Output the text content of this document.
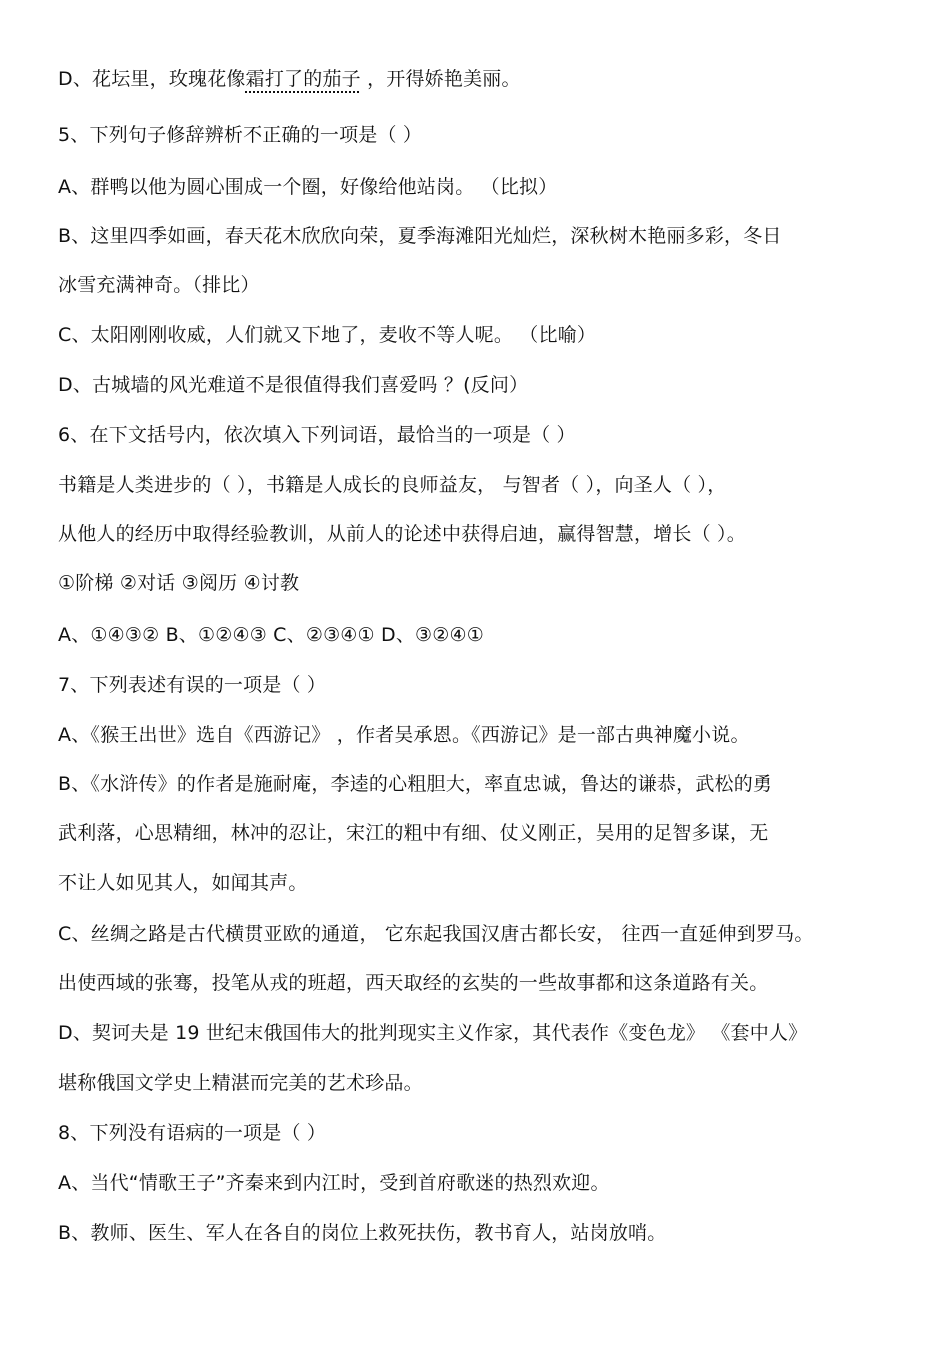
D、花坛里，玫瑰花像霜打了的茄子 ，开得娇艳美丽。
5、下列句子修辞辨析不正确的一项是（ ）
A、群鸭以他为圆心围成一个圈，好像给他站岗。 （比拟）
B、这里四季如画，春天花木欣欣向荣，夏季海滩阳光灿烂，深秋树木艳丽多彩，冬日
冰雪充满神奇。（排比）
C、太阳刚刚收威，人们就又下地了，麦收不等人呢。 （比喻）
D、古城墙的风光难道不是很值得我们喜爱吗 ？(反问）
6、在下文括号内，依次填入下列词语，最恰当的一项是（ ）
书籍是人类进步的（ ），书籍是人成长的良师益友， 与智者（ ），向圣人（ ），
从他人的经历中取得经验教训，从前人的论述中获得启迪，赢得智慧，增长（ ）。
①阶梯 ②对话 ③阅历 ④讨教
A、①④③② B、①②④③ C、②③④① D、③②④①
7、下列表述有误的一项是（ ）
A、《猴王出世》选自《西游记》 ，作者吴承恩。《西游记》是一部古典神魔小说。
B、《水浒传》的作者是施耐庵，李逵的心粗胆大，率直忠诚，鲁达的谦恭，武松的勇
武利落，心思精细，林冲的忍让，宋江的粗中有细、仗义刚正，吴用的足智多谋，无
不让人如见其人，如闻其声。
C、丝绸之路是古代横贯亚欧的通道， 它东起我国汉唐古都长安， 往西一直延伸到罗马。
出使西域的张骞，投笔从戎的班超，西天取经的玄奘的一些故事都和这条道路有关。
D、契诃夫是 19 世纪末俄国伟大的批判现实主义作家，其代表作《变色龙》 《套中人》
堪称俄国文学史上精湛而完美的艺术珍品。
8、下列没有语病的一项是（ ）
A、当代“情歌王子”齐秦来到内江时，受到首府歌迷的热烈欢迎。
B、教师、医生、军人在各自的岗位上救死扶伤，教书育人，站岗放哨。
